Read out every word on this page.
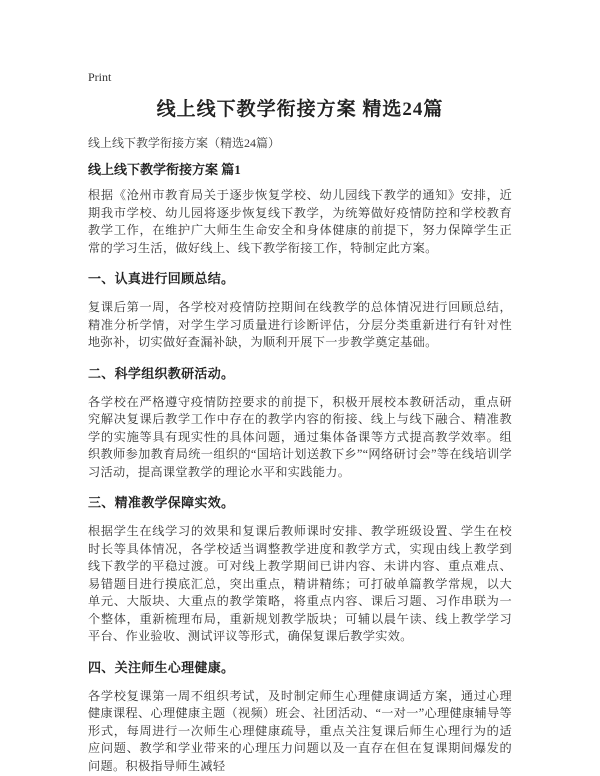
Print
线上线下教学衔接方案 精选24篇

线上线下教学衔接方案（精选24篇）

线上线下教学衔接方案 篇1

根据《沧州市教育局关于逐步恢复学校、幼儿园线下教学的通知》安排，近期我市学校、幼儿园将逐步恢复线下教学，为统筹做好疫情防控和学校教育教学工作，在维护广大师生生命安全和身体健康的前提下，努力保障学生正常的学习生活，做好线上、线下教学衔接工作，特制定此方案。

一、认真进行回顾总结。

复课后第一周，各学校对疫情防控期间在线教学的总体情况进行回顾总结，精准分析学情，对学生学习质量进行诊断评估，分层分类重新进行有针对性地弥补，切实做好查漏补缺，为顺利开展下一步教学奠定基础。

二、科学组织教研活动。

各学校在严格遵守疫情防控要求的前提下，积极开展校本教研活动，重点研究解决复课后教学工作中存在的教学内容的衔接、线上与线下融合、精准教学的实施等具有现实性的具体问题，通过集体备课等方式提高教学效率。组织教师参加教育局统一组织的“国培计划送教下乡”“网络研讨会”等在线培训学习活动，提高课堂教学的理论水平和实践能力。

三、精准教学保障实效。

根据学生在线学习的效果和复课后教师课时安排、教学班级设置、学生在校时长等具体情况，各学校适当调整教学进度和教学方式，实现由线上教学到线下教学的平稳过渡。可对线上教学期间已讲内容、未讲内容、重点难点、易错题目进行摸底汇总，突出重点，精讲精练；可打破单篇教学常规，以大单元、大版块、大重点的教学策略，将重点内容、课后习题、习作串联为一个整体，重新梳理布局，重新规划教学版块；可辅以晨午读、线上教学学习平台、作业验收、测试评议等形式，确保复课后教学实效。

四、关注师生心理健康。

各学校复课第一周不组织考试，及时制定师生心理健康调适方案，通过心理健康课程、心理健康主题（视频）班会、社团活动、“一对一”心理健康辅导等形式，每周进行一次师生心理健康疏导，重点关注复课后师生心理行为的适应问题、教学和学业带来的心理压力问题以及一直存在但在复课期间爆发的问题。积极指导师生减轻
